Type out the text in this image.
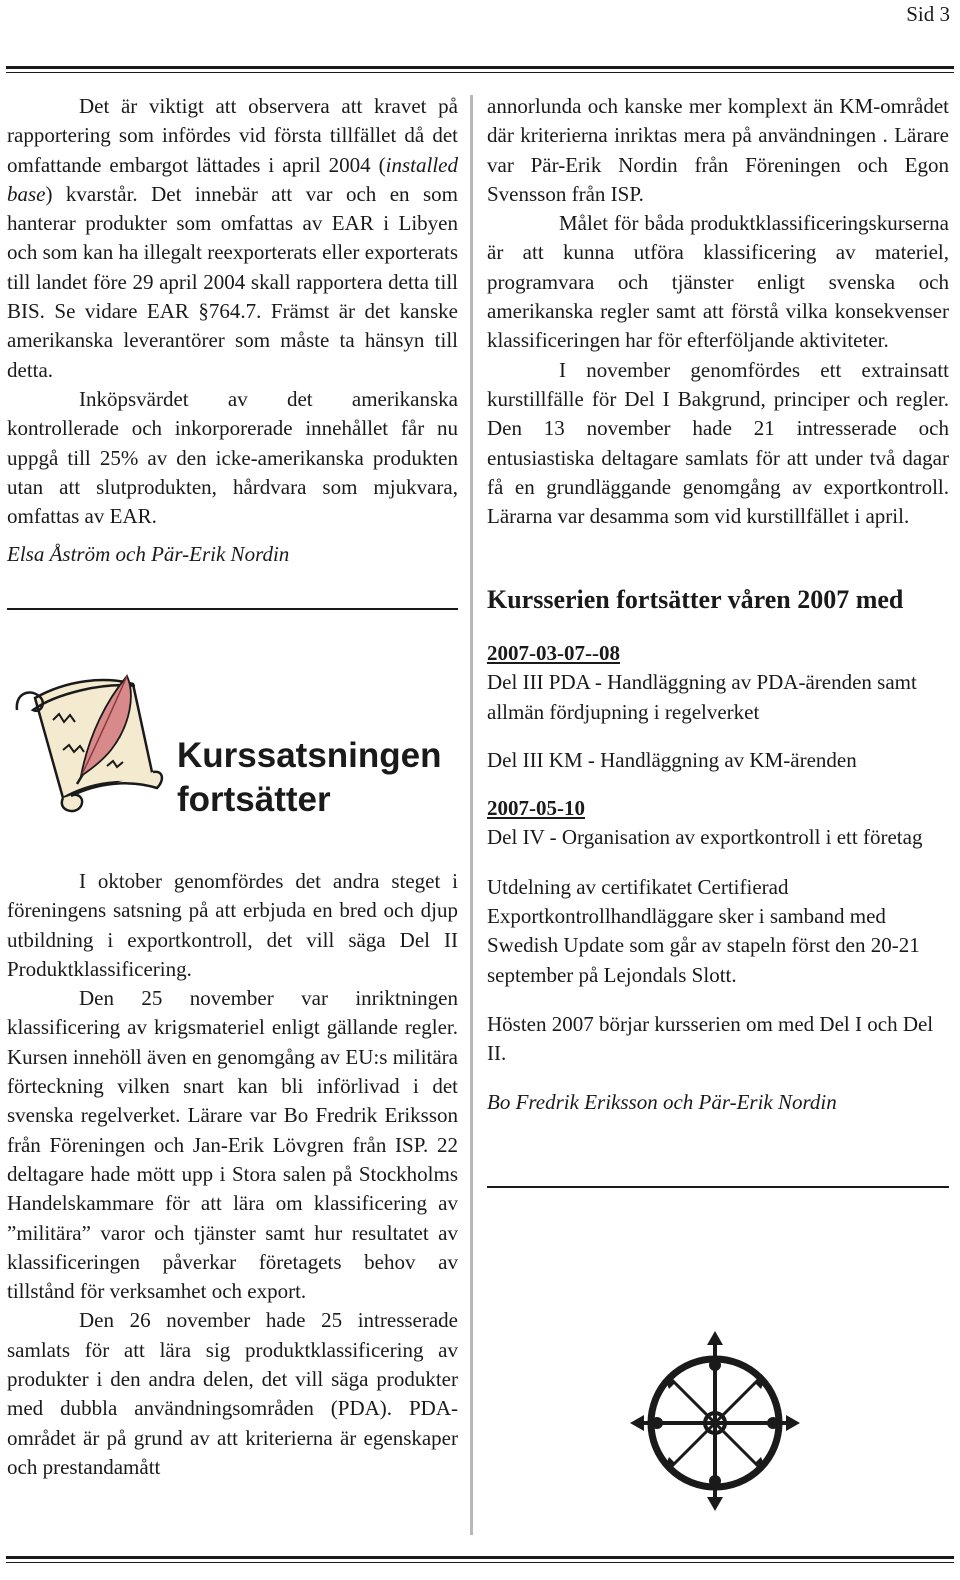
Sid 3

Det är viktigt att observera att kravet på rapportering som infördes vid första tillfället då det omfattande embargot lättades i april 2004 (installed base) kvarstår. Det innebär att var och en som hanterar produkter som omfattas av EAR i Libyen och som kan ha illegalt reexporterats eller exporterats till landet före 29 april 2004 skall rapportera detta till BIS. Se vidare EAR §764.7. Främst är det kanske amerikanska leverantörer som måste ta hänsyn till detta.

Inköpsvärdet av det amerikanska kontrollerade och inkorporerade innehållet får nu uppgå till 25% av den icke-amerikanska produkten utan att slutprodukten, hårdvara som mjukvara, omfattas av EAR.

Elsa Åström och Pär-Erik Nordin
Kurssatsningen
fortsätter

I oktober genomfördes det andra steget i föreningens satsning på att erbjuda en bred och djup utbildning i exportkontroll, det vill säga Del II Produktklassificering.

Den 25 november var inriktningen klassificering av krigsmateriel enligt gällande regler. Kursen innehöll även en genomgång av EU:s militära förteckning vilken snart kan bli införlivad i det svenska regelverket. Lärare var Bo Fredrik Eriksson från Föreningen och Jan-Erik Lövgren från ISP. 22 deltagare hade mött upp i Stora salen på Stockholms Handelskammare för att lära om klassificering av ”militära” varor och tjänster samt hur resultatet av klassificeringen påverkar företagets behov av tillstånd för verksamhet och export.

Den 26 november hade 25 intresserade samlats för att lära sig produktklassificering av produkter i den andra delen, det vill säga produkter med dubbla användningsområden (PDA). PDA-området är på grund av att kriterierna är egenskaper och prestandamått

annorlunda och kanske mer komplext än KM-området där kriterierna inriktas mera på användningen . Lärare var Pär-Erik Nordin från Föreningen och Egon Svensson från ISP.

Målet för båda produktklassificeringskurserna är att kunna utföra klassificering av materiel, programvara och tjänster enligt svenska och amerikanska regler samt att förstå vilka konsekvenser klassificeringen har för efterföljande aktiviteter.

I november genomfördes ett extrainsatt kurstillfälle för Del I Bakgrund, principer och regler. Den 13 november hade 21 intresserade och entusiastiska deltagare samlats för att under två dagar få en grundläggande genomgång av exportkontroll. Lärarna var desamma som vid kurstillfället i april.

Kursserien fortsätter våren 2007 med
2007-03-07--08
Del III PDA - Handläggning av PDA-ärenden samt allmän fördjupning i regelverket
Del III KM - Handläggning av KM-ärenden
2007-05-10
Del IV - Organisation av exportkontroll i ett företag

Utdelning av certifikatet Certifierad Exportkontrollhandläggare sker i samband med Swedish Update som går av stapeln först den 20-21 september på Lejondals Slott.

Hösten 2007 börjar kursserien om med Del I och Del II.

Bo Fredrik Eriksson och Pär-Erik Nordin
